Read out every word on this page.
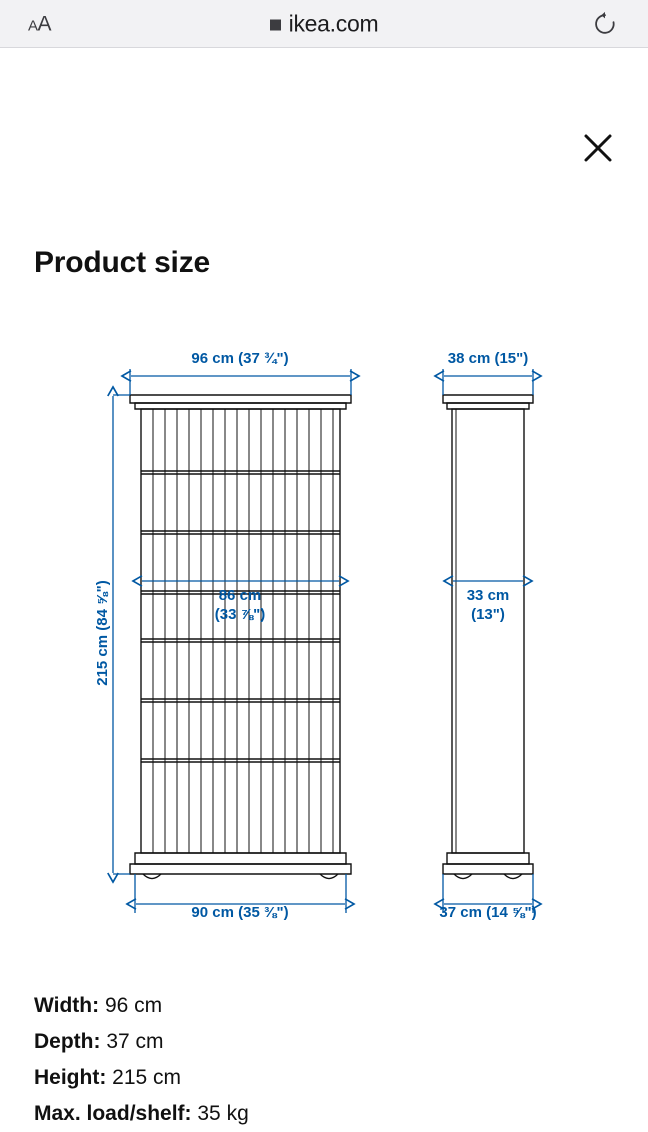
AA	ikea.com
Product size
96 cm (37 ¾")
90 cm (35 ⅜")
215 cm (84 ⅝")	86 cm
(33 ⅞")
38 cm (15")
37 cm (14 ⅝")
33 cm
(13")
Width: 96 cm
Depth: 37 cm
Height: 215 cm
Max. load/shelf: 35 kg
